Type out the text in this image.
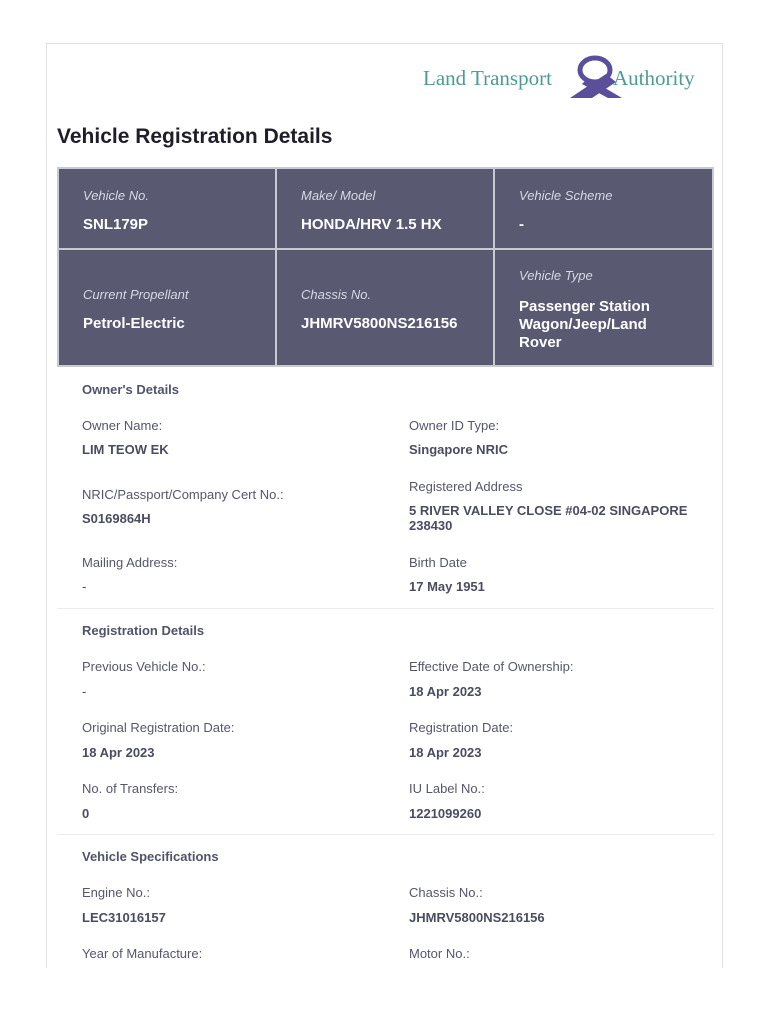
Land Transport	Authority
Vehicle Registration Details
Vehicle No.
SNL179P
Make/ Model
HONDA/HRV 1.5 HX
Vehicle Scheme
-
Current Propellant
Petrol-Electric
Chassis No.
JHMRV5800NS216156
Vehicle Type
Passenger Station Wagon/Jeep/Land Rover
Owner's Details
Owner Name:
LIM TEOW EK
Owner ID Type:
Singapore NRIC
NRIC/Passport/Company Cert No.:
S0169864H
Registered Address
5 RIVER VALLEY CLOSE #04-02 SINGAPORE 238430
Mailing Address:
-
Birth Date
17 May 1951
Registration Details
Previous Vehicle No.:
-
Effective Date of Ownership:
18 Apr 2023
Original Registration Date:
18 Apr 2023
Registration Date:
18 Apr 2023
No. of Transfers:
0
IU Label No.:
1221099260
Vehicle Specifications
Engine No.:
LEC31016157
Chassis No.:
JHMRV5800NS216156
Year of Manufacture:	Motor No.:
